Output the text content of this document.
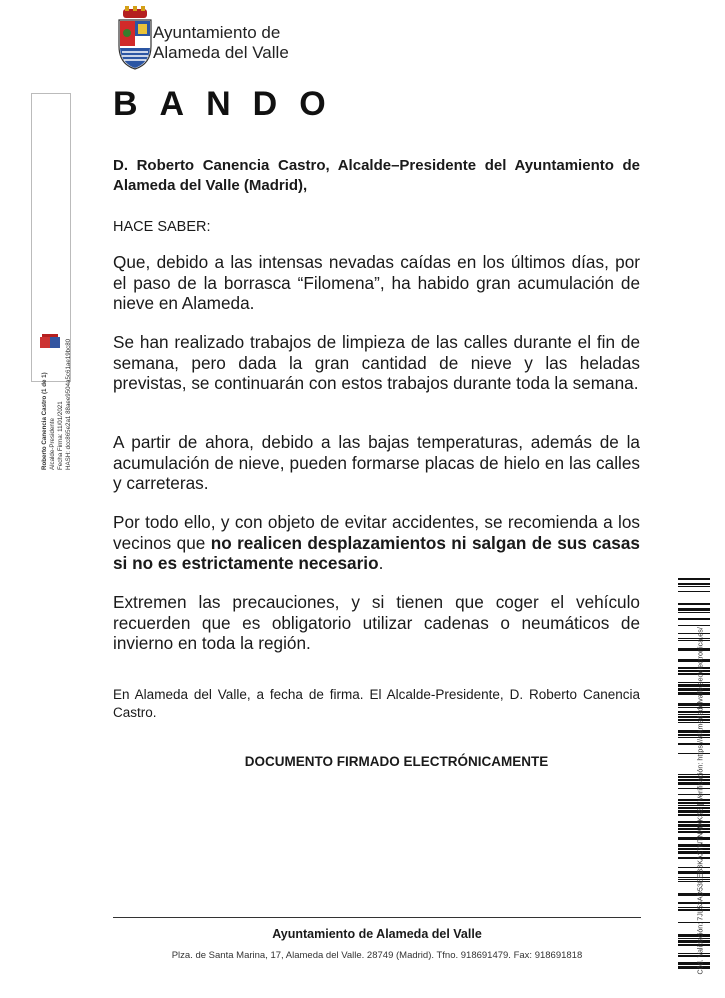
Ayuntamiento de
Alameda del Valle
BANDO
Roberto Canencia Castro (1 de 1)
Alcalde-Presidente
Fecha Firma: 11/01/2021
HASH: dcc865e2a1 88aee9504a5c61ae19bc80
D. Roberto Canencia Castro, Alcalde–Presidente del Ayuntamiento de Alameda del Valle (Madrid),
HACE SABER:
Que, debido a las intensas nevadas caídas en los últimos días, por el paso de la borrasca “Filomena”, ha habido gran acumulación de nieve en Alameda.
Se han realizado trabajos de limpieza de las calles durante el fin de semana, pero dada la gran cantidad de nieve y las heladas previstas, se continuarán con estos trabajos durante toda la semana.
A partir de ahora, debido a las bajas temperaturas, además de la acumulación de nieve, pueden formarse placas de hielo en las calles y carreteras.
Por todo ello, y con objeto de evitar accidentes, se recomienda a los vecinos que no realicen desplazamientos ni salgan de sus casas si no es estrictamente necesario.
Extremen las precauciones, y si tienen que coger el vehículo recuerden que es obligatorio utilizar cadenas o neumáticos de invierno en toda la región.
En Alameda del Valle, a fecha de firma. El Alcalde-Presidente, D. Roberto Canencia Castro.
DOCUMENTO FIRMADO ELECTRÓNICAMENTE
Ayuntamiento de Alameda del Valle
Plza. de Santa Marina, 17, Alameda del Valle. 28749 (Madrid). Tfno. 918691479. Fax: 918691818	Cód. Validación: 7JL53AD53EEB3KA27NTNMXKSS | Verificación: https://alamedadelvalle.sedelectronica.es/
